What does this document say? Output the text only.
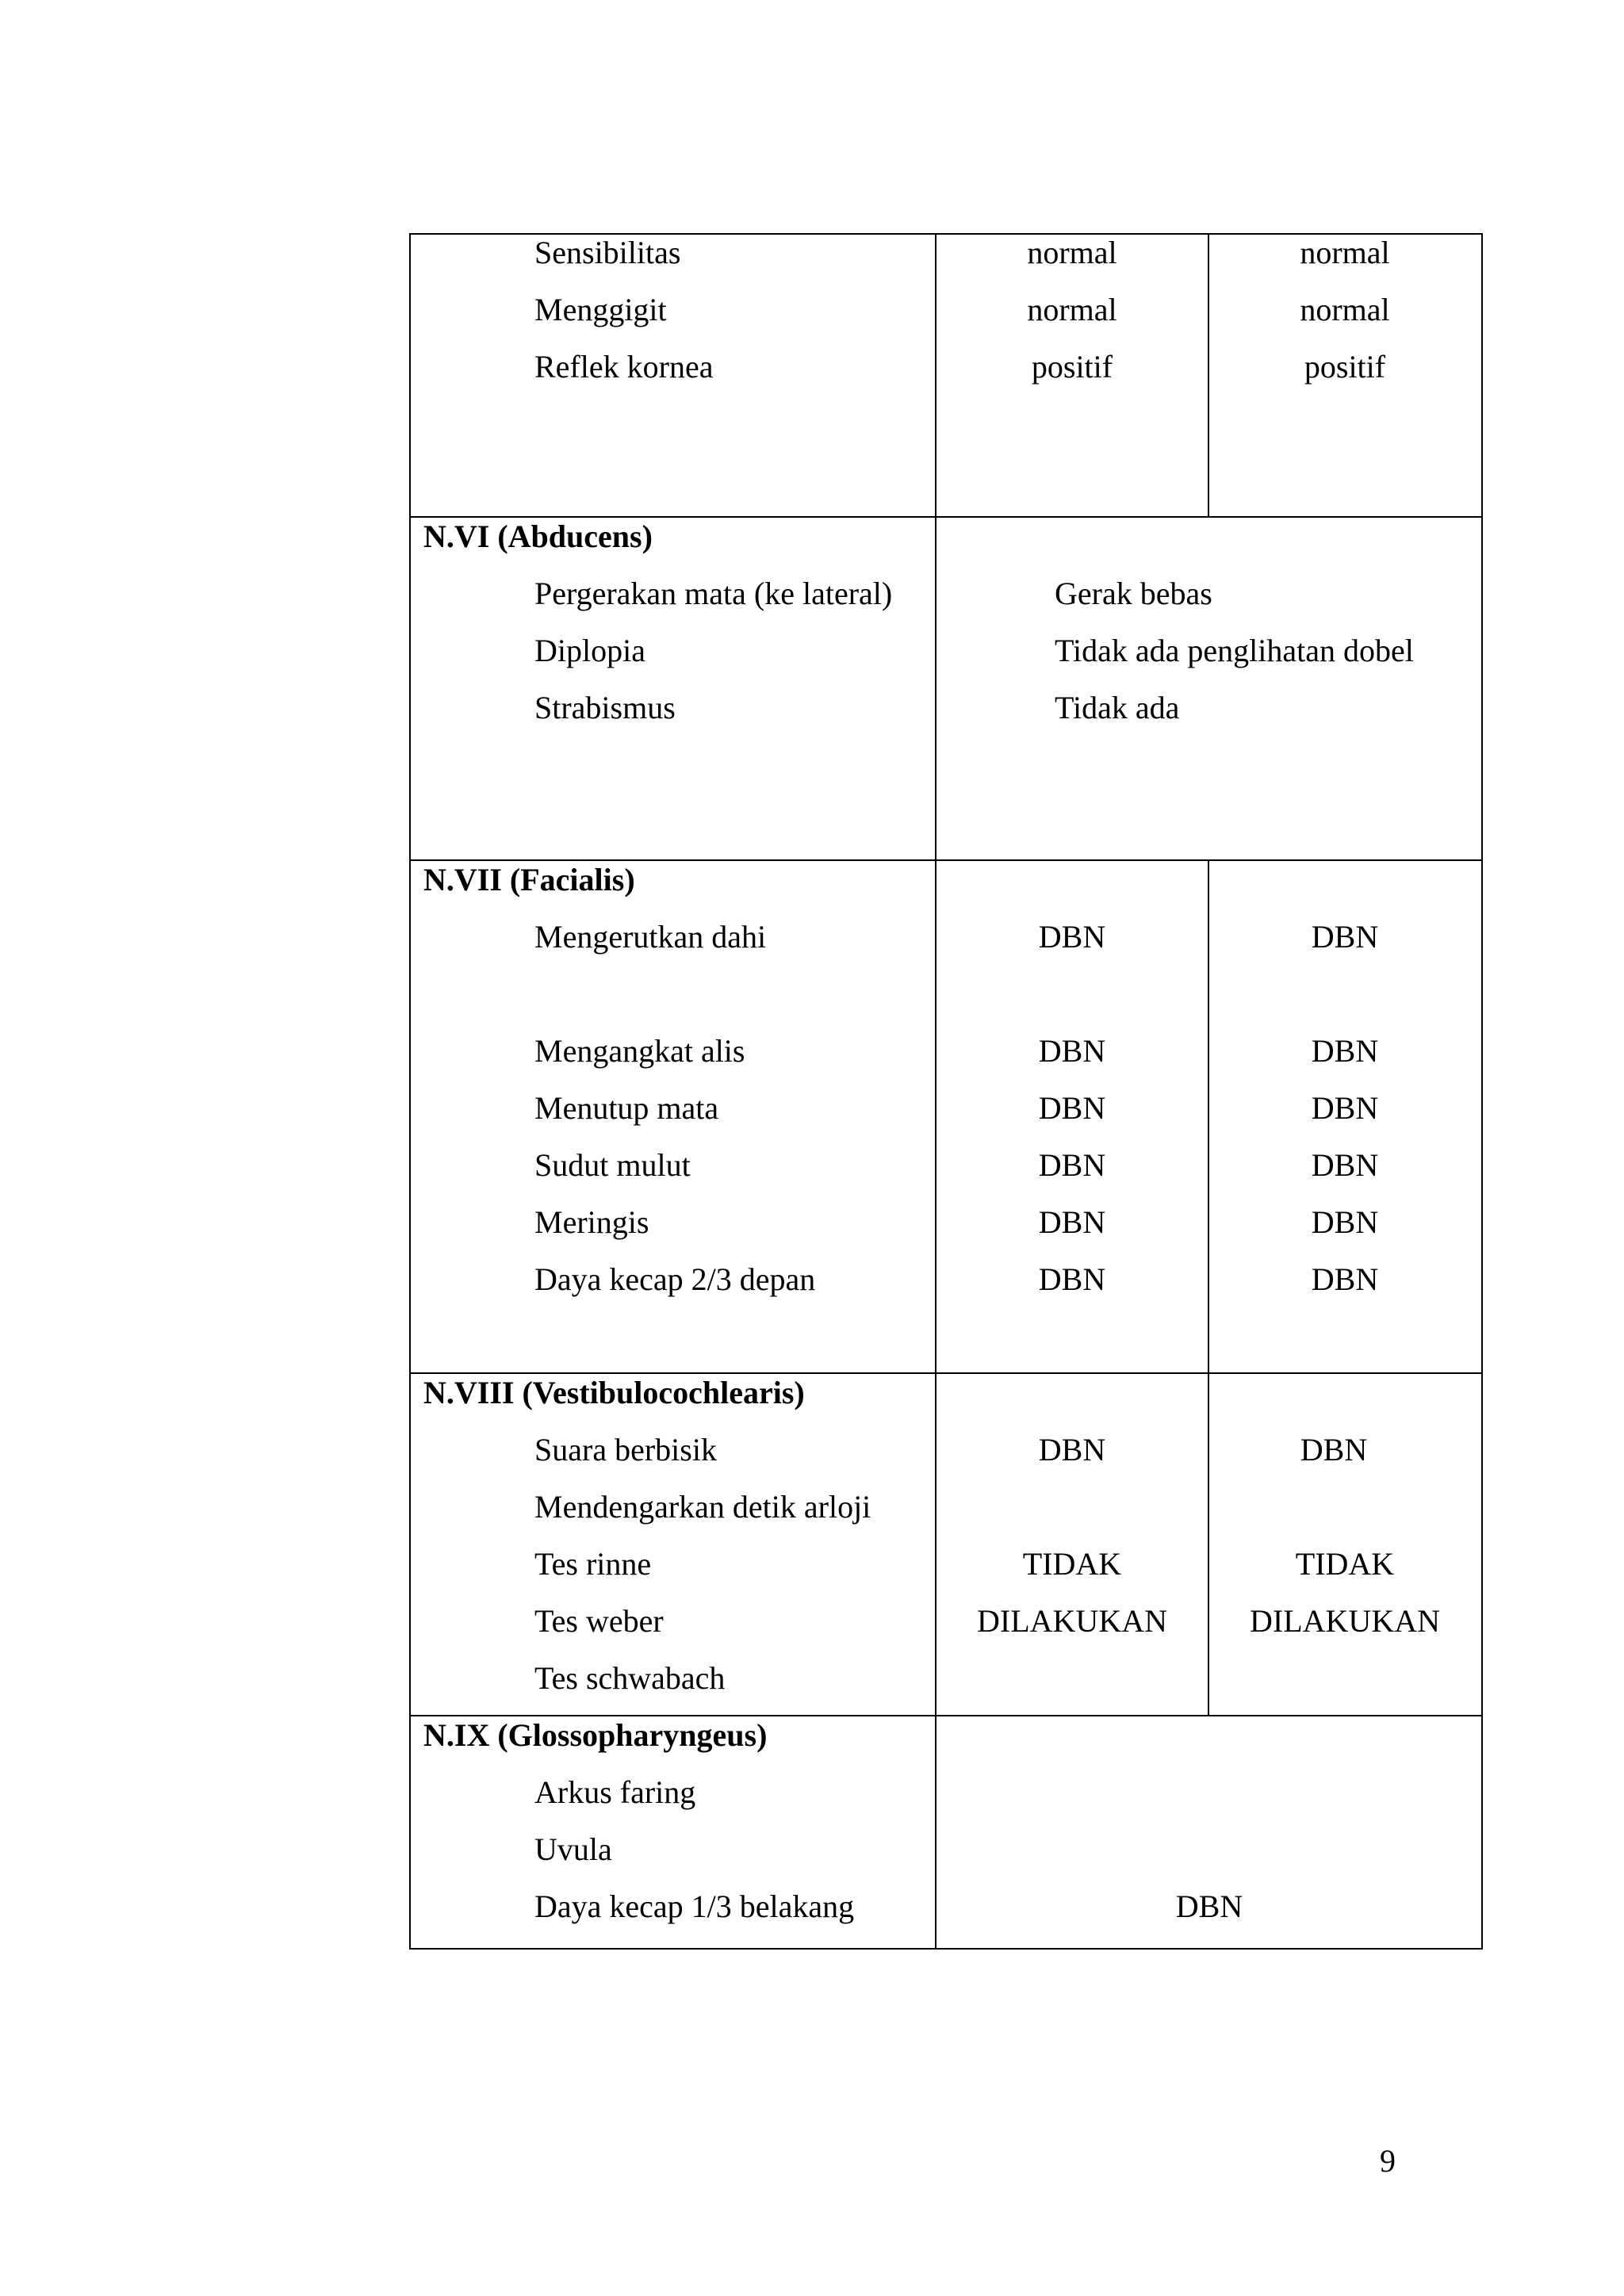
Sensibilitas
Menggigit
Reflek kornea
normal
normal
positif
normal
normal
positif
N.VI (Abducens)
Pergerakan mata (ke lateral)
Diplopia
Strabismus
Gerak bebas
Tidak ada penglihatan dobel
Tidak ada
N.VII (Facialis)
Mengerutkan dahi
Mengangkat alis
Menutup mata
Sudut mulut
Meringis
Daya kecap 2/3 depan
DBN
DBN
DBN
DBN
DBN
DBN
DBN
DBN
DBN
DBN
DBN
DBN
N.VIII (Vestibulocochlearis)
Suara berbisik
Mendengarkan detik arloji
Tes rinne
Tes weber
Tes schwabach
DBN
TIDAK
DILAKUKAN
DBN
TIDAK
DILAKUKAN
N.IX (Glossopharyngeus)
Arkus faring
Uvula
Daya kecap 1/3 belakang	DBN
9
